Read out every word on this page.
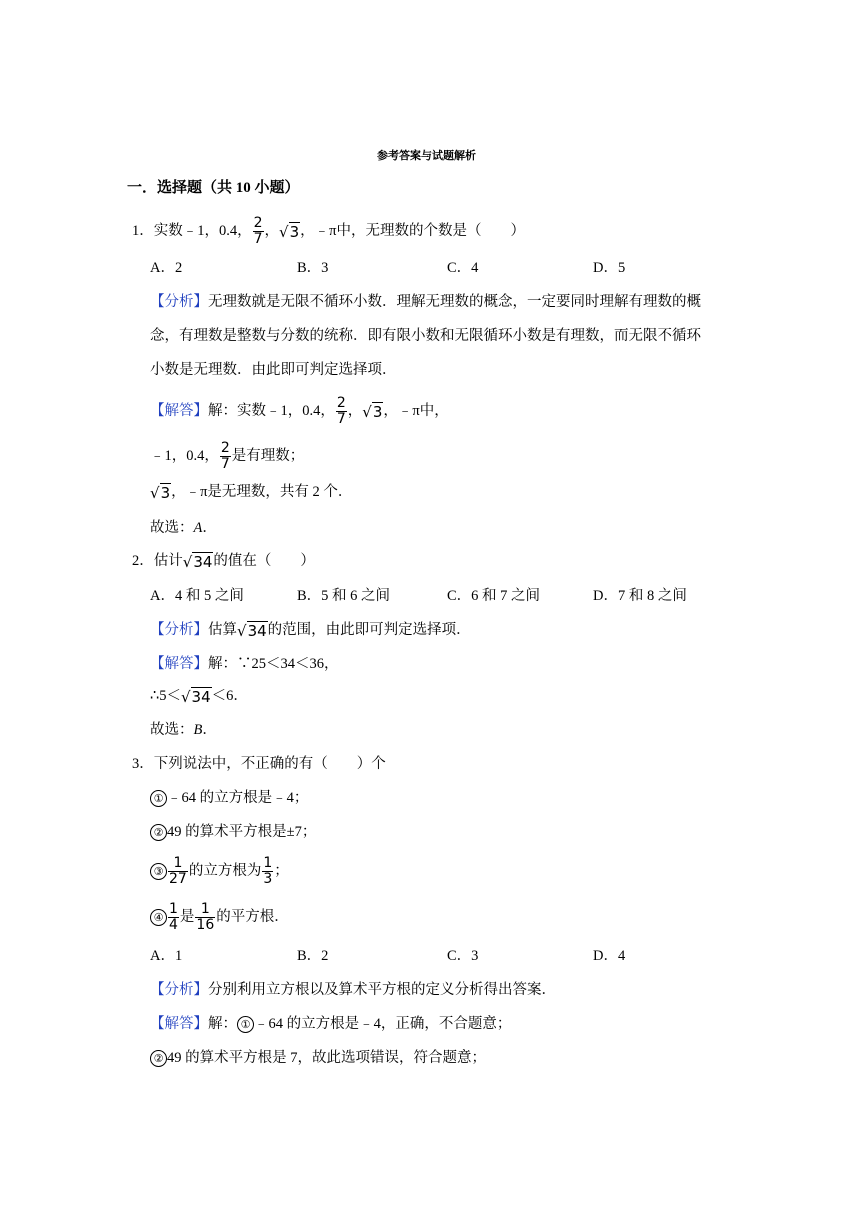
参考答案与试题解析
一．选择题（共 10 小题）
1．实数﹣1，0.4， $\frac{2}{7}$ ，√3，﹣π中，无理数的个数是（　　）
A．2	B．3	C．4	D．5
【分析】无理数就是无限不循环小数．理解无理数的概念，一定要同时理解有理数的概
念，有理数是整数与分数的统称．即有限小数和无限循环小数是有理数，而无限不循环
小数是无理数．由此即可判定选择项．
【解答】解：实数﹣1，0.4， $\frac{2}{7}$ ，√3，﹣π中，
﹣1，0.4， $\frac{2}{7}$ 是有理数；
√3，﹣π是无理数，共有 2 个．
故选：A．
2．估计√34的值在（　　）
A．4 和 5 之间	B．5 和 6 之间	C．6 和 7 之间	D．7 和 8 之间
【分析】估算√34的范围，由此即可判定选择项．
【解答】解：∵25＜34＜36，
∴5＜√34＜6．
故选：B．
3．下列说法中，不正确的有（　　）个
① ﹣64 的立方根是﹣4；
② 49 的算术平方根是±7；
③ $\frac{1}{27}$ 的立方根为 $\frac{1}{3}$ ；
④ $\frac{1}{4}$ 是 $\frac{1}{16}$ 的平方根．
A．1	B．2	C．3	D．4
【分析】分别利用立方根以及算术平方根的定义分析得出答案．
【解答】解： ① ﹣64 的立方根是﹣4，正确，不合题意；
② 49 的算术平方根是 7，故此选项错误，符合题意；
